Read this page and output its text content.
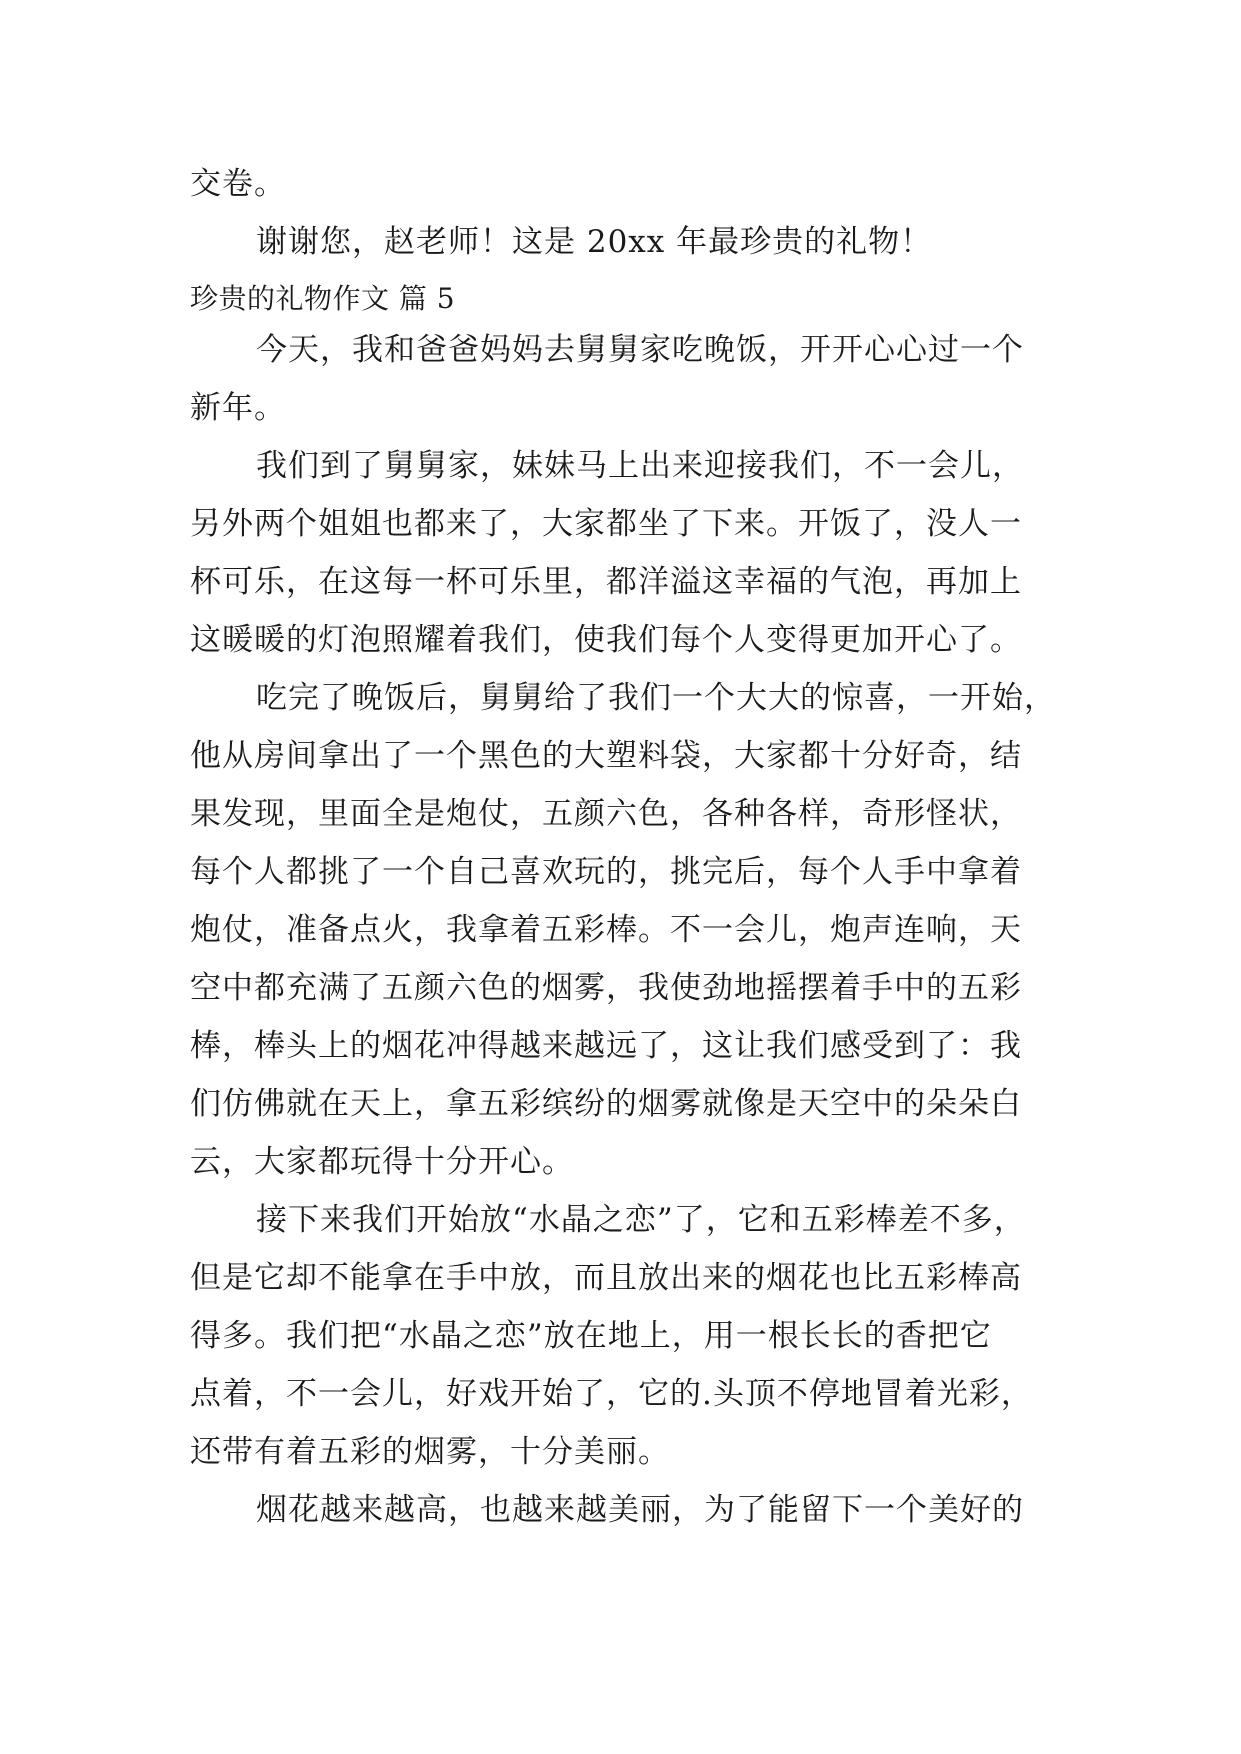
交卷。
谢谢您，赵老师！这是 20xx 年最珍贵的礼物！
珍贵的礼物作文 篇 5
今天，我和爸爸妈妈去舅舅家吃晚饭，开开心心过一个
新年。
我们到了舅舅家，妹妹马上出来迎接我们，不一会儿，
另外两个姐姐也都来了，大家都坐了下来。开饭了，没人一
杯可乐，在这每一杯可乐里，都洋溢这幸福的气泡，再加上
这暖暖的灯泡照耀着我们，使我们每个人变得更加开心了。
吃完了晚饭后，舅舅给了我们一个大大的惊喜，一开始，
他从房间拿出了一个黑色的大塑料袋，大家都十分好奇，结
果发现，里面全是炮仗，五颜六色，各种各样，奇形怪状，
每个人都挑了一个自己喜欢玩的，挑完后，每个人手中拿着
炮仗，准备点火，我拿着五彩棒。不一会儿，炮声连响，天
空中都充满了五颜六色的烟雾，我使劲地摇摆着手中的五彩
棒，棒头上的烟花冲得越来越远了，这让我们感受到了：我
们仿佛就在天上，拿五彩缤纷的烟雾就像是天空中的朵朵白
云，大家都玩得十分开心。
接下来我们开始放“水晶之恋”了，它和五彩棒差不多，
但是它却不能拿在手中放，而且放出来的烟花也比五彩棒高
得多。我们把“水晶之恋”放在地上，用一根长长的香把它
点着，不一会儿，好戏开始了，它的.头顶不停地冒着光彩，
还带有着五彩的烟雾，十分美丽。
烟花越来越高，也越来越美丽，为了能留下一个美好的
